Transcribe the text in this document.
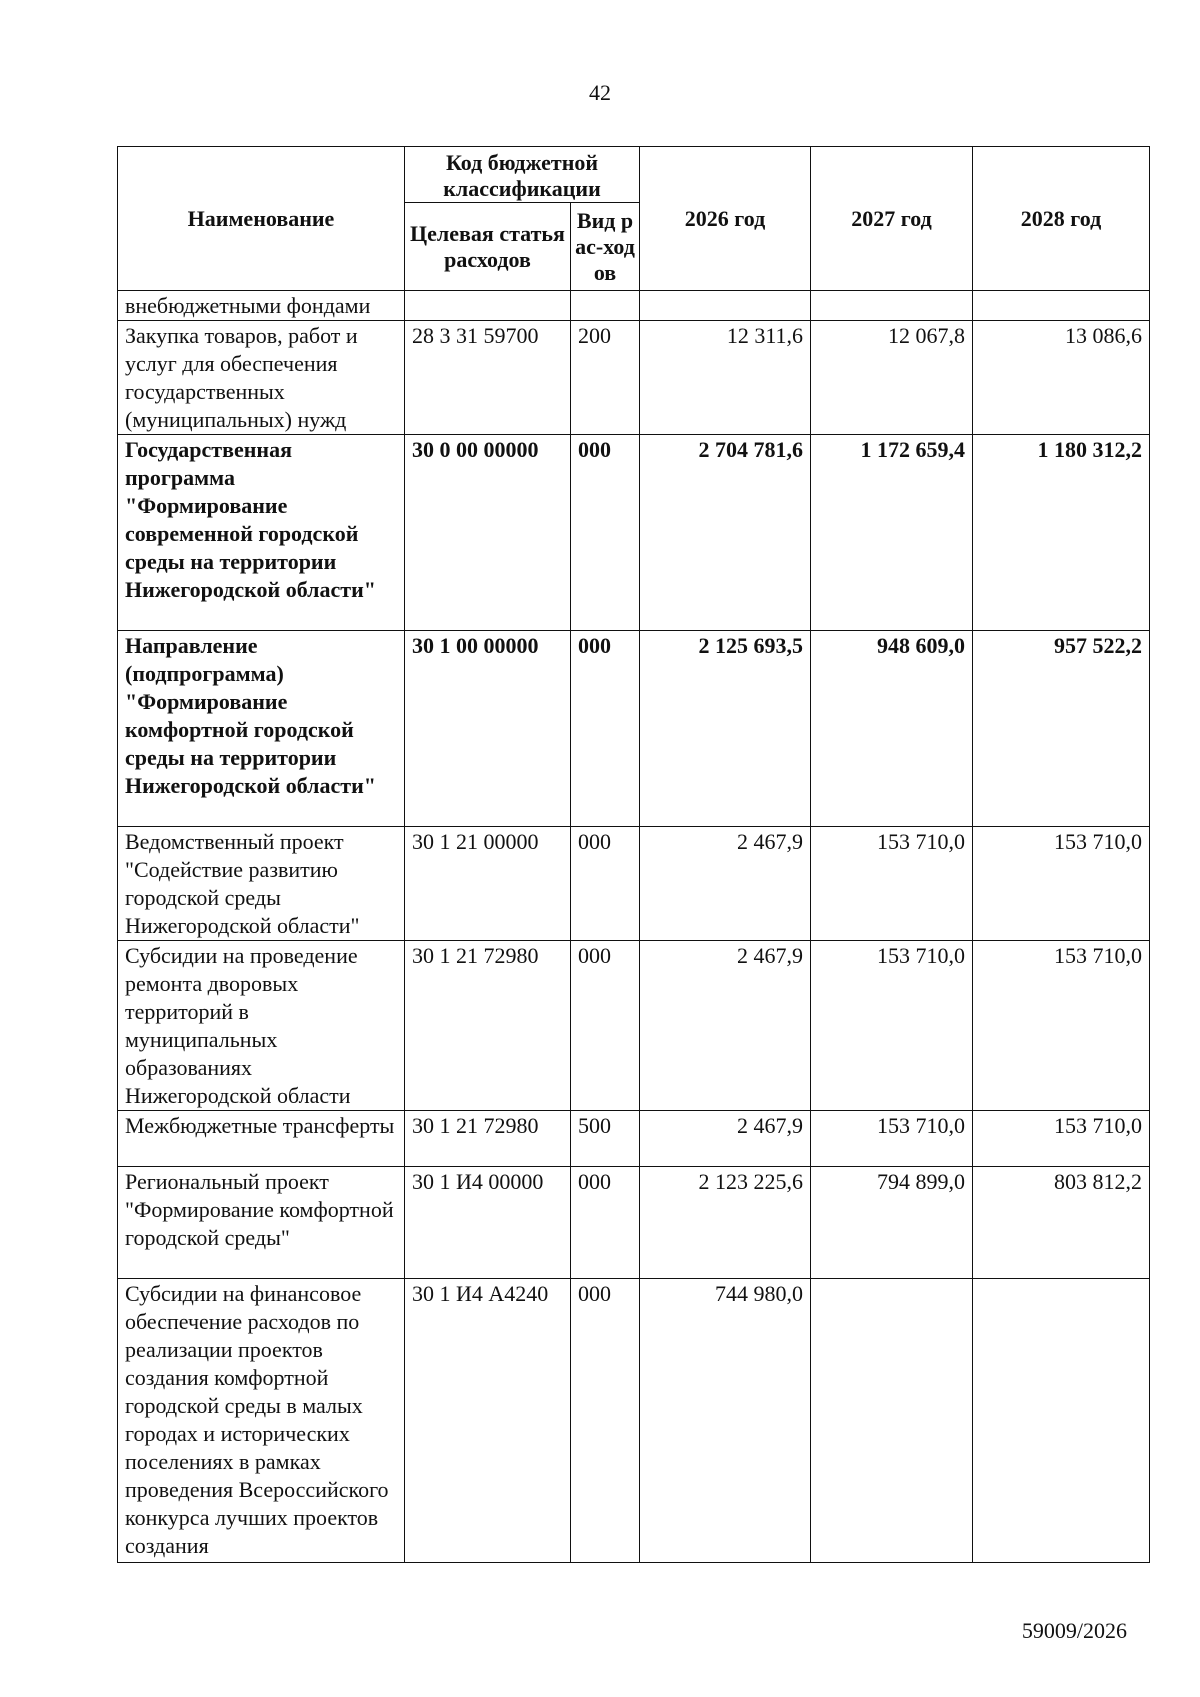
42
Наименование	Код бюджетной классификации		2026 год	2027 год	2028 год
	Целевая статья расходов	Вид рас-ходов			
внебюджетными фондами					
Закупка товаров, работ и услуг для обеспечения государственных (муниципальных) нужд	28 3 31 59700	200	12 311,6	12 067,8	13 086,6
Государственная программа "Формирование современной городской среды на территории Нижегородской области"	30 0 00 00000	000	2 704 781,6	1 172 659,4	1 180 312,2
Направление (подпрограмма) "Формирование комфортной городской среды на территории Нижегородской области"	30 1 00 00000	000	2 125 693,5	948 609,0	957 522,2
Ведомственный проект "Содействие развитию городской среды Нижегородской области"	30 1 21 00000	000	2 467,9	153 710,0	153 710,0
Субсидии на проведение ремонта дворовых территорий в муниципальных образованиях Нижегородской области	30 1 21 72980	000	2 467,9	153 710,0	153 710,0
Межбюджетные трансферты	30 1 21 72980	500	2 467,9	153 710,0	153 710,0
Региональный проект "Формирование комфортной городской среды"	30 1 И4 00000	000	2 123 225,6	794 899,0	803 812,2
Субсидии на финансовое обеспечение расходов по реализации проектов создания комфортной городской среды в малых городах и исторических поселениях в рамках проведения Всероссийского конкурса лучших проектов создания	30 1 И4 А4240	000	744 980,0		
59009/2026
